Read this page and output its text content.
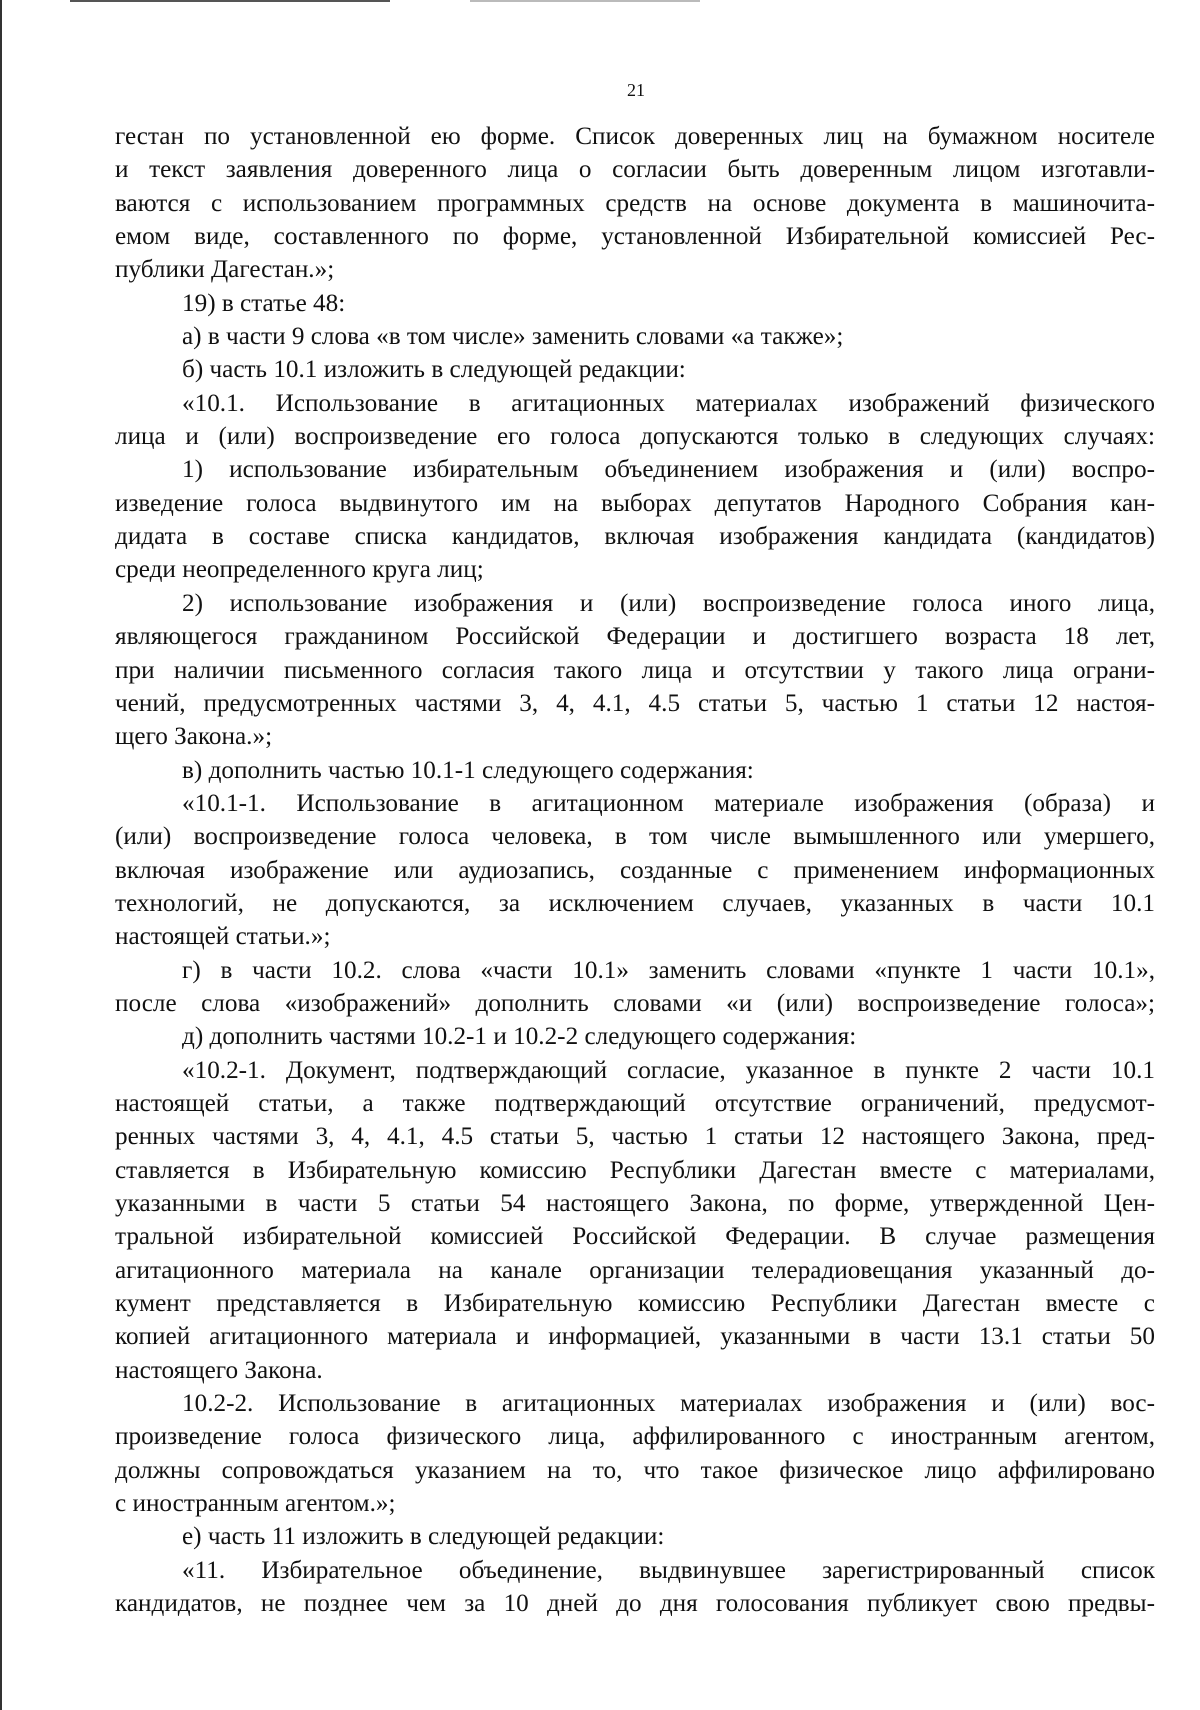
21
гестан по установленной ею форме. Список доверенных лиц на бумажном носителе
и текст заявления доверенного лица о согласии быть доверенным лицом изготавли-
ваются с использованием программных средств на основе документа в машиночита-
емом виде, составленного по форме, установленной Избирательной комиссией Рес-
публики Дагестан.»;
19) в статье 48:
а) в части 9 слова «в том числе» заменить словами «а также»;
б) часть 10.1 изложить в следующей редакции:
«10.1. Использование в агитационных материалах изображений физического
лица и (или) воспроизведение его голоса допускаются только в следующих случаях:
1) использование избирательным объединением изображения и (или) воспро-
изведение голоса выдвинутого им на выборах депутатов Народного Собрания кан-
дидата в составе списка кандидатов, включая изображения кандидата (кандидатов)
среди неопределенного круга лиц;
2) использование изображения и (или) воспроизведение голоса иного лица,
являющегося гражданином Российской Федерации и достигшего возраста 18 лет,
при наличии письменного согласия такого лица и отсутствии у такого лица ограни-
чений, предусмотренных частями 3, 4, 4.1, 4.5 статьи 5, частью 1 статьи 12 настоя-
щего Закона.»;
в) дополнить частью 10.1-1 следующего содержания:
«10.1-1. Использование в агитационном материале изображения (образа) и
(или) воспроизведение голоса человека, в том числе вымышленного или умершего,
включая изображение или аудиозапись, созданные с применением информационных
технологий, не допускаются, за исключением случаев, указанных в части 10.1
настоящей статьи.»;
г) в части 10.2. слова «части 10.1» заменить словами «пункте 1 части 10.1»,
после слова «изображений» дополнить словами «и (или) воспроизведение голоса»;
д) дополнить частями 10.2-1 и 10.2-2 следующего содержания:
«10.2-1. Документ, подтверждающий согласие, указанное в пункте 2 части 10.1
настоящей статьи, а также подтверждающий отсутствие ограничений, предусмот-
ренных частями 3, 4, 4.1, 4.5 статьи 5, частью 1 статьи 12 настоящего Закона, пред-
ставляется в Избирательную комиссию Республики Дагестан вместе с материалами,
указанными в части 5 статьи 54 настоящего Закона, по форме, утвержденной Цен-
тральной избирательной комиссией Российской Федерации. В случае размещения
агитационного материала на канале организации телерадиовещания указанный до-
кумент представляется в Избирательную комиссию Республики Дагестан вместе с
копией агитационного материала и информацией, указанными в части 13.1 статьи 50
настоящего Закона.
10.2-2. Использование в агитационных материалах изображения и (или) вос-
произведение голоса физического лица, аффилированного с иностранным агентом,
должны сопровождаться указанием на то, что такое физическое лицо аффилировано
с иностранным агентом.»;
е) часть 11 изложить в следующей редакции:
«11. Избирательное объединение, выдвинувшее зарегистрированный список
кандидатов, не позднее чем за 10 дней до дня голосования публикует свою предвы-
